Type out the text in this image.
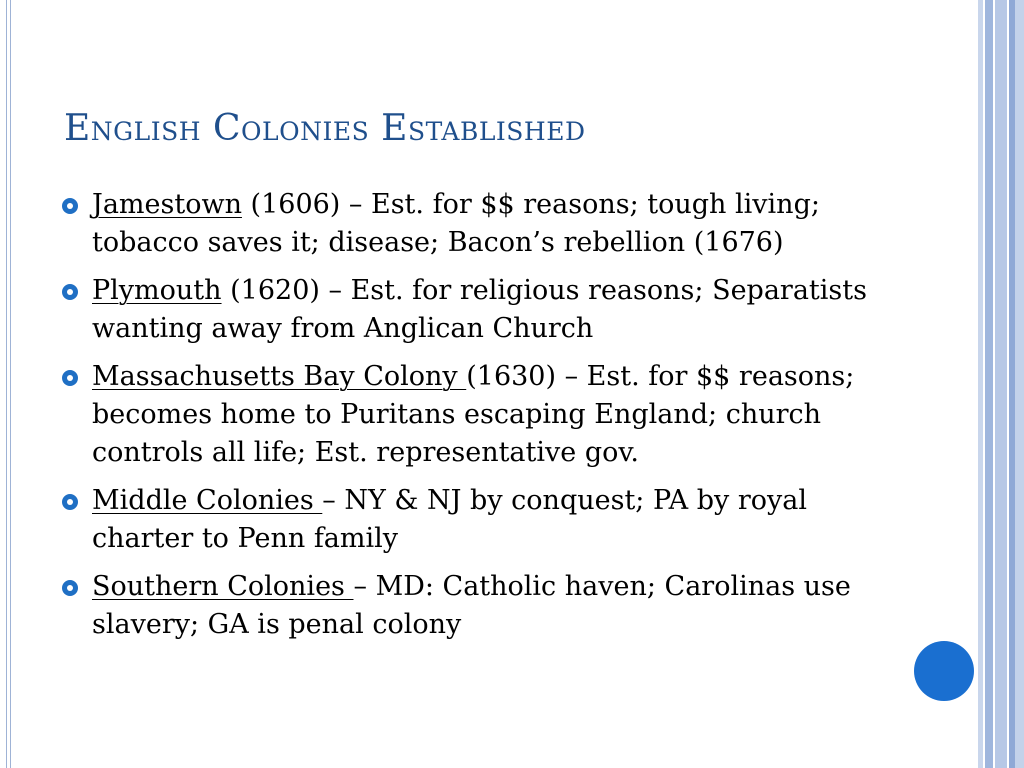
English Colonies Established
Jamestown (1606) – Est. for $$ reasons; tough living; tobacco saves it; disease; Bacon’s rebellion (1676)
Plymouth (1620) – Est. for religious reasons; Separatists wanting away from Anglican Church
Massachusetts Bay Colony (1630) – Est. for $$ reasons; becomes home to Puritans escaping England; church controls all life; Est. representative gov.
Middle Colonies – NY & NJ by conquest; PA by royal charter to Penn family
Southern Colonies – MD: Catholic haven; Carolinas use slavery; GA is penal colony
